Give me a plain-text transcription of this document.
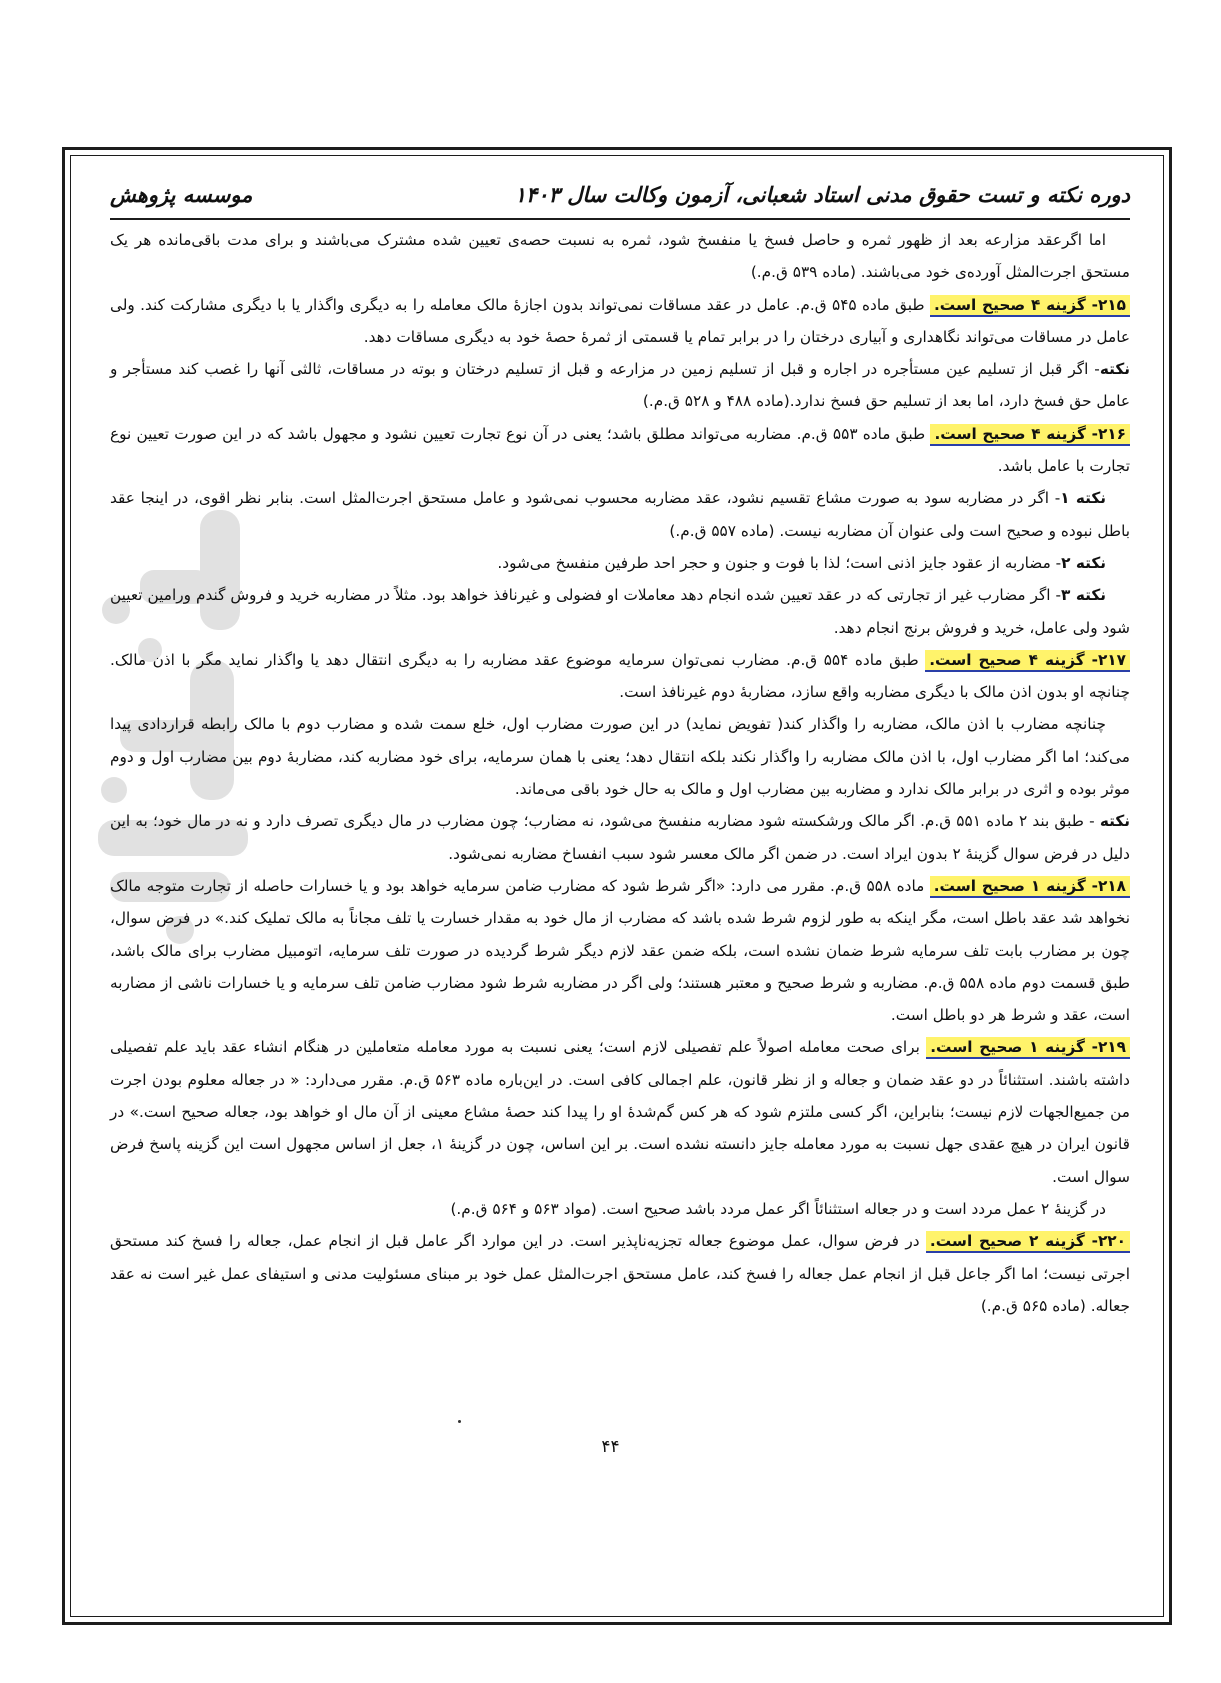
دوره نکته و تست حقوق مدنی استاد شعبانی، آزمون وکالت سال ۱۴۰۳
موسسه پژوهش

اما اگرعقد مزارعه بعد از ظهور ثمره و حاصل فسخ یا منفسخ شود، ثمره به نسبت حصه‌ی تعیین شده مشترک می‌باشند و برای مدت باقی‌مانده هر یک مستحق اجرت‌المثل آورده‌ی خود می‌باشند. (ماده ۵۳۹ ق.م.)

۲۱۵- گزینه ۴ صحیح است. طبق ماده ۵۴۵ ق.م. عامل در عقد مساقات نمی‌تواند بدون اجازهٔ مالک معامله را به دیگری واگذار یا با دیگری مشارکت کند. ولی عامل در مساقات می‌تواند نگاهداری و آبیاری درختان را در برابر تمام یا قسمتی از ثمرهٔ حصهٔ خود به دیگری مساقات دهد.

نکته- اگر قبل از تسلیم عین مستأجره در اجاره و قبل از تسلیم زمین در مزارعه و قبل از تسلیم درختان و بوته در مساقات، ثالثی آنها را غصب کند مستأجر و عامل حق فسخ دارد، اما بعد از تسلیم حق فسخ ندارد.(ماده ۴۸۸ و ۵۲۸ ق.م.)

۲۱۶- گزینه ۴ صحیح است. طبق ماده ۵۵۳ ق.م. مضاربه می‌تواند مطلق باشد؛ یعنی در آن نوع تجارت تعیین نشود و مجهول باشد که در این صورت تعیین نوع تجارت با عامل باشد.

نکته ۱- اگر در مضاربه سود به صورت مشاع تقسیم نشود، عقد مضاربه محسوب نمی‌شود و عامل مستحق اجرت‌المثل است. بنابر نظر اقوی، در اینجا عقد باطل نبوده و صحیح است ولی عنوان آن مضاربه نیست. (ماده ۵۵۷ ق.م.)

نکته ۲- مضاربه از عقود جایز اذنی است؛ لذا با فوت و جنون و حجر احد طرفین منفسخ می‌شود.

نکته ۳- اگر مضارب غیر از تجارتی که در عقد تعیین شده انجام دهد معاملات او فضولی و غیرنافذ خواهد بود. مثلاً در مضاربه خرید و فروش گندم ورامین تعیین شود ولی عامل، خرید و فروش برنج انجام دهد.

۲۱۷- گزینه ۴ صحیح است. طبق ماده ۵۵۴ ق.م. مضارب نمی‌توان سرمایه موضوع عقد مضاربه را به دیگری انتقال دهد یا واگذار نماید مگر با اذن مالک. چنانچه او بدون اذن مالک با دیگری مضاربه واقع سازد، مضاربهٔ دوم غیرنافذ است.

چنانچه مضارب با اذن مالک، مضاربه را واگذار کند( تفویض نماید) در این صورت مضارب اول، خلع سمت شده و مضارب دوم با مالک رابطه قراردادی پیدا می‌کند؛ اما اگر مضارب اول، با اذن مالک مضاربه را واگذار نکند بلکه انتقال دهد؛ یعنی با همان سرمایه، برای خود مضاربه کند، مضاربهٔ دوم بین مضارب اول و دوم موثر بوده و اثری در برابر مالک ندارد و مضاربه بین مضارب اول و مالک به حال خود باقی می‌ماند.

نکته - طبق بند ۲ ماده ۵۵۱ ق.م. اگر مالک ورشکسته شود مضاربه منفسخ می‌شود، نه مضارب؛ چون مضارب در مال دیگری تصرف دارد و نه در مال خود؛ به این دلیل در فرض سوال گزینهٔ ۲ بدون ایراد است. در ضمن اگر مالک معسر شود سبب انفساخ مضاربه نمی‌شود.

۲۱۸- گزینه ۱ صحیح است. ماده ۵۵۸ ق.م. مقرر می دارد: «اگر شرط شود که مضارب ضامن سرمایه خواهد بود و یا خسارات حاصله از تجارت متوجه مالک نخواهد شد عقد باطل است، مگر اینکه به طور لزوم شرط شده باشد که مضارب از مال خود به مقدار خسارت یا تلف مجاناً به مالک تملیک کند.» در فرض سوال، چون بر مضارب بابت تلف سرمایه شرط ضمان نشده است، بلکه ضمن عقد لازم دیگر شرط گردیده در صورت تلف سرمایه، اتومبیل مضارب برای مالک باشد، طبق قسمت دوم ماده ۵۵۸ ق.م. مضاربه و شرط صحیح و معتبر هستند؛ ولی اگر در مضاربه شرط شود مضارب ضامن تلف سرمایه و یا خسارات ناشی از مضاربه است، عقد و شرط هر دو باطل است.

۲۱۹- گزینه ۱ صحیح است. برای صحت معامله اصولاً علم تفصیلی لازم است؛ یعنی نسبت به مورد معامله متعاملین در هنگام انشاء عقد باید علم تفصیلی داشته باشند. استثنائاً در دو عقد ضمان و جعاله و از نظر قانون، علم اجمالی کافی است. در این‌باره ماده ۵۶۳ ق.م. مقرر می‌دارد: « در جعاله معلوم بودن اجرت من جمیع‌الجهات لازم نیست؛ بنابراین، اگر کسی ملتزم شود که هر کس گم‌شدهٔ او را پیدا کند حصهٔ مشاع معینی از آن مال او خواهد بود، جعاله صحیح است.» در قانون ایران در هیچ عقدی جهل نسبت به مورد معامله جایز دانسته نشده است. بر این اساس، چون در گزینهٔ ۱، جعل از اساس مجهول است این گزینه پاسخ فرض سوال است.

در گزینهٔ ۲ عمل مردد است و در جعاله استثنائاً اگر عمل مردد باشد صحیح است. (مواد ۵۶۳ و ۵۶۴ ق.م.)

۲۲۰- گزینه ۲ صحیح است. در فرض سوال، عمل موضوع جعاله تجزیه‌ناپذیر است. در این موارد اگر عامل قبل از انجام عمل، جعاله را فسخ کند مستحق اجرتی نیست؛ اما اگر جاعل قبل از انجام عمل جعاله را فسخ کند، عامل مستحق اجرت‌المثل عمل خود بر مبنای مسئولیت مدنی و استیفای عمل غیر است نه عقد جعاله. (ماده ۵۶۵ ق.م.)

۴۴
